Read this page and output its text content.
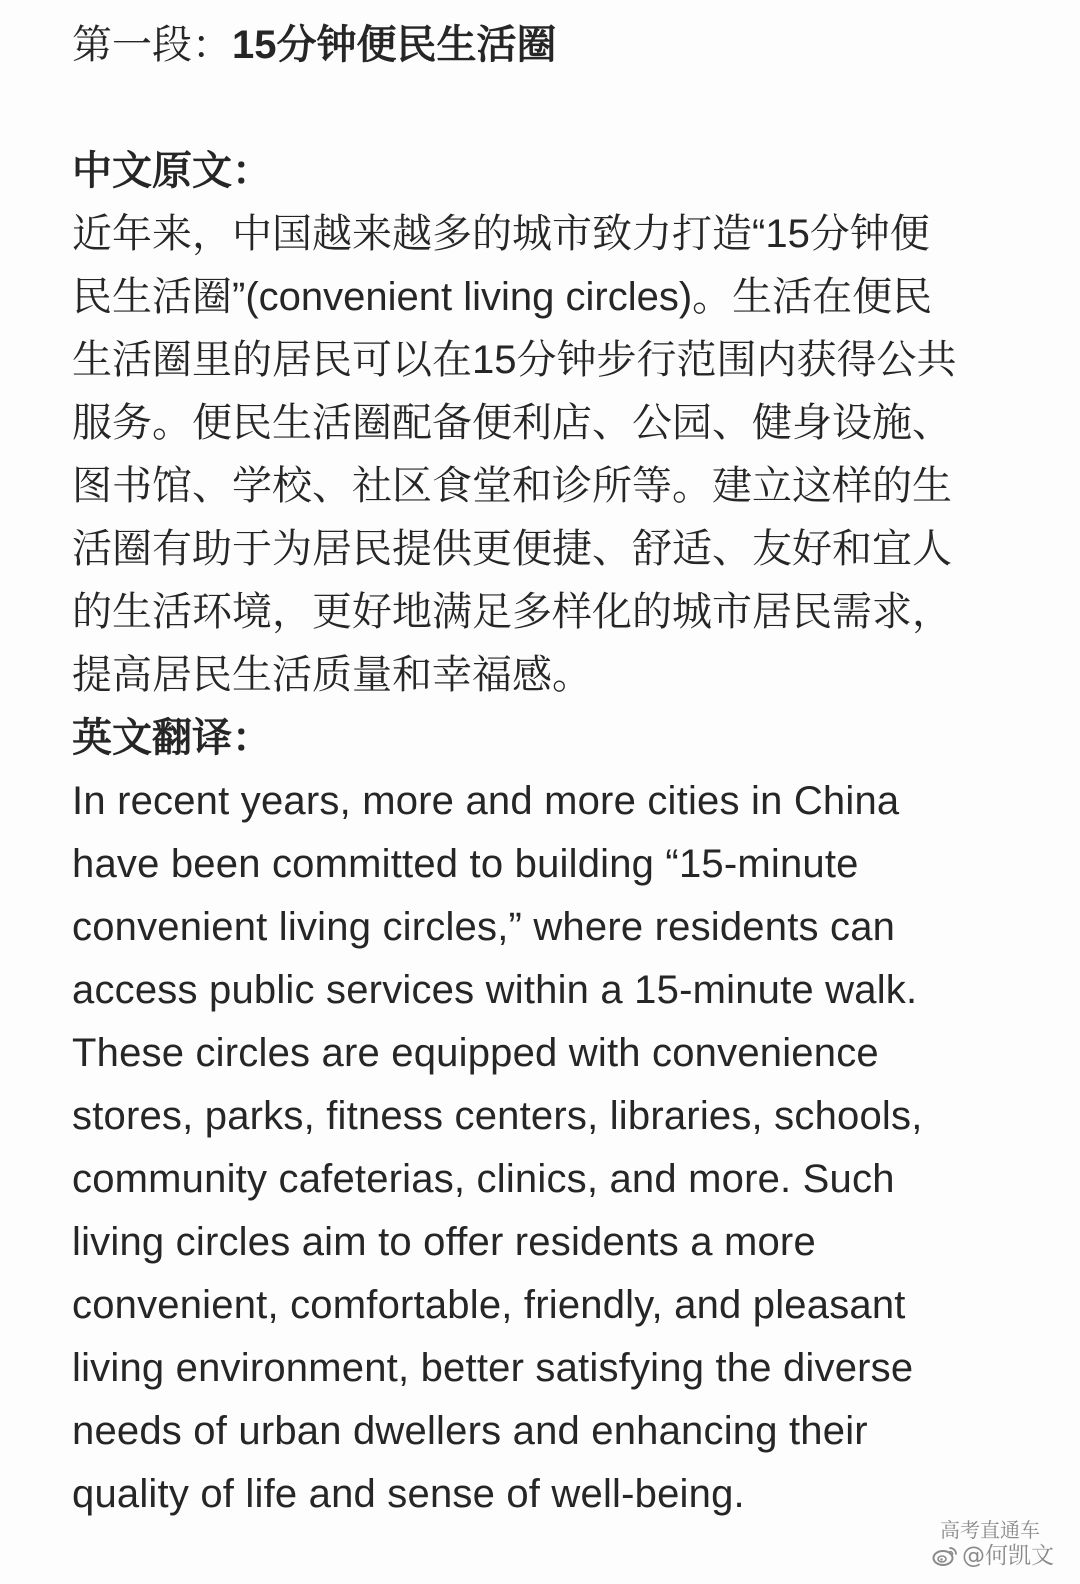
第一段：15分钟便民生活圈
中文原文：
近年来，中国越来越多的城市致力打造“15分钟便
民生活圈”(convenient living circles)。生活在便民
生活圈里的居民可以在15分钟步行范围内获得公共
服务。便民生活圈配备便利店、公园、健身设施、
图书馆、学校、社区食堂和诊所等。建立这样的生
活圈有助于为居民提供更便捷、舒适、友好和宜人
的生活环境，更好地满足多样化的城市居民需求，
提高居民生活质量和幸福感。
英文翻译：
In recent years, more and more cities in China
have been committed to building “15-minute
convenient living circles,” where residents can
access public services within a 15-minute walk.
These circles are equipped with convenience
stores, parks, fitness centers, libraries, schools,
community cafeterias, clinics, and more. Such
living circles aim to offer residents a more
convenient, comfortable, friendly, and pleasant
living environment, better satisfying the diverse
needs of urban dwellers and enhancing their
quality of life and sense of well-being.
高考直通车
@何凯文
